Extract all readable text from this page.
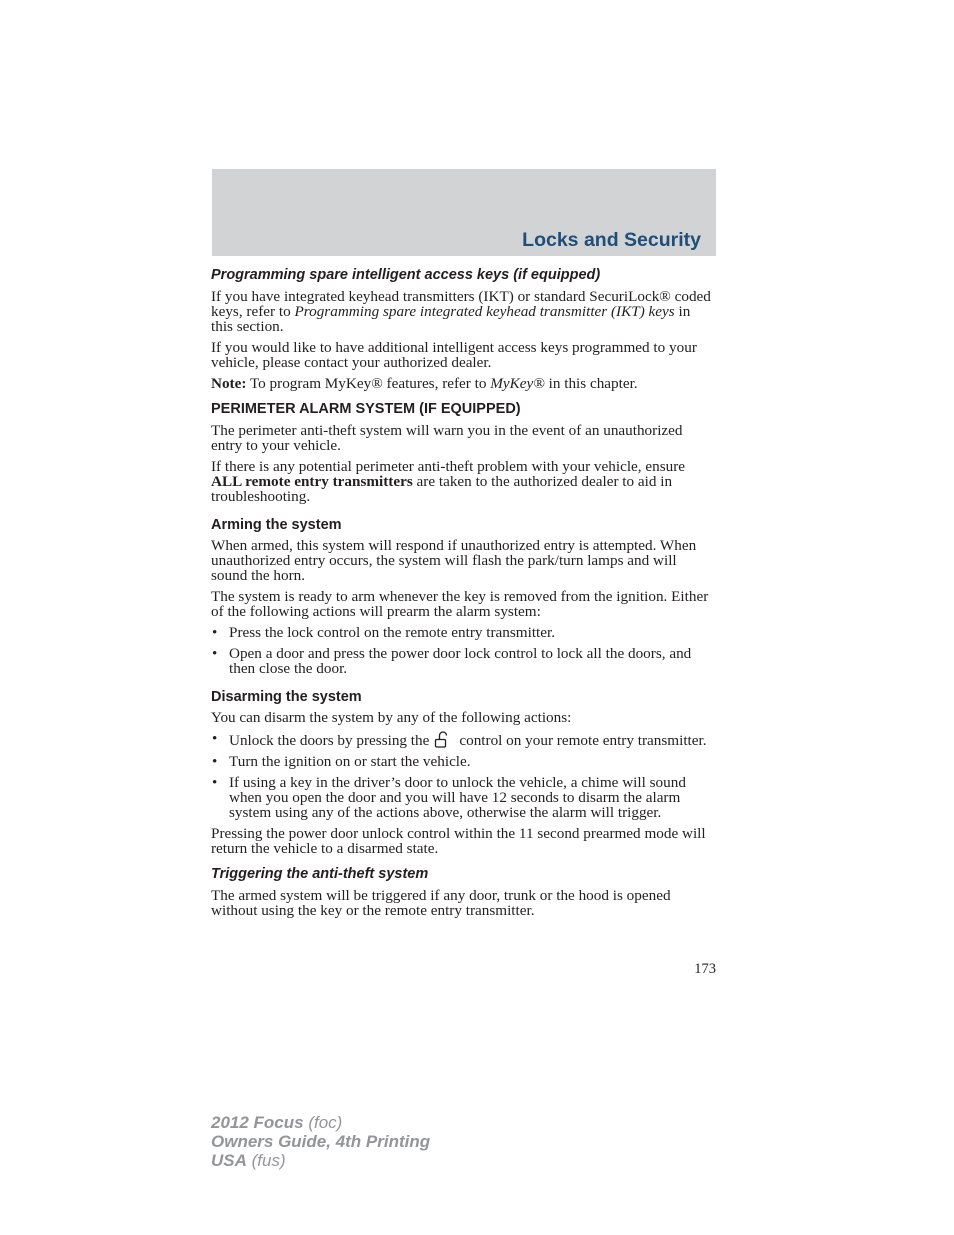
Locks and Security
Programming spare intelligent access keys (if equipped)

If you have integrated keyhead transmitters (IKT) or standard SecuriLock® coded keys, refer to Programming spare integrated keyhead transmitter (IKT) keys in this section.

If you would like to have additional intelligent access keys programmed to your vehicle, please contact your authorized dealer.

Note: To program MyKey® features, refer to MyKey® in this chapter.

PERIMETER ALARM SYSTEM (IF EQUIPPED)

The perimeter anti-theft system will warn you in the event of an unauthorized entry to your vehicle.

If there is any potential perimeter anti-theft problem with your vehicle, ensure ALL remote entry transmitters are taken to the authorized dealer to aid in troubleshooting.

Arming the system

When armed, this system will respond if unauthorized entry is attempted. When unauthorized entry occurs, the system will flash the park/turn lamps and will sound the horn.

The system is ready to arm whenever the key is removed from the ignition. Either of the following actions will prearm the alarm system:

• Press the lock control on the remote entry transmitter.
• Open a door and press the power door lock control to lock all the doors, and then close the door.
Disarming the system

You can disarm the system by any of the following actions:

• Unlock the doors by pressing the control on your remote entry transmitter.
• Turn the ignition on or start the vehicle.
• If using a key in the driver’s door to unlock the vehicle, a chime will sound when you open the door and you will have 12 seconds to disarm the alarm system using any of the actions above, otherwise the alarm will trigger.

Pressing the power door unlock control within the 11 second prearmed mode will return the vehicle to a disarmed state.

Triggering the anti-theft system

The armed system will be triggered if any door, trunk or the hood is opened without using the key or the remote entry transmitter.

173
2012 Focus (foc)
Owners Guide, 4th Printing
USA (fus)
